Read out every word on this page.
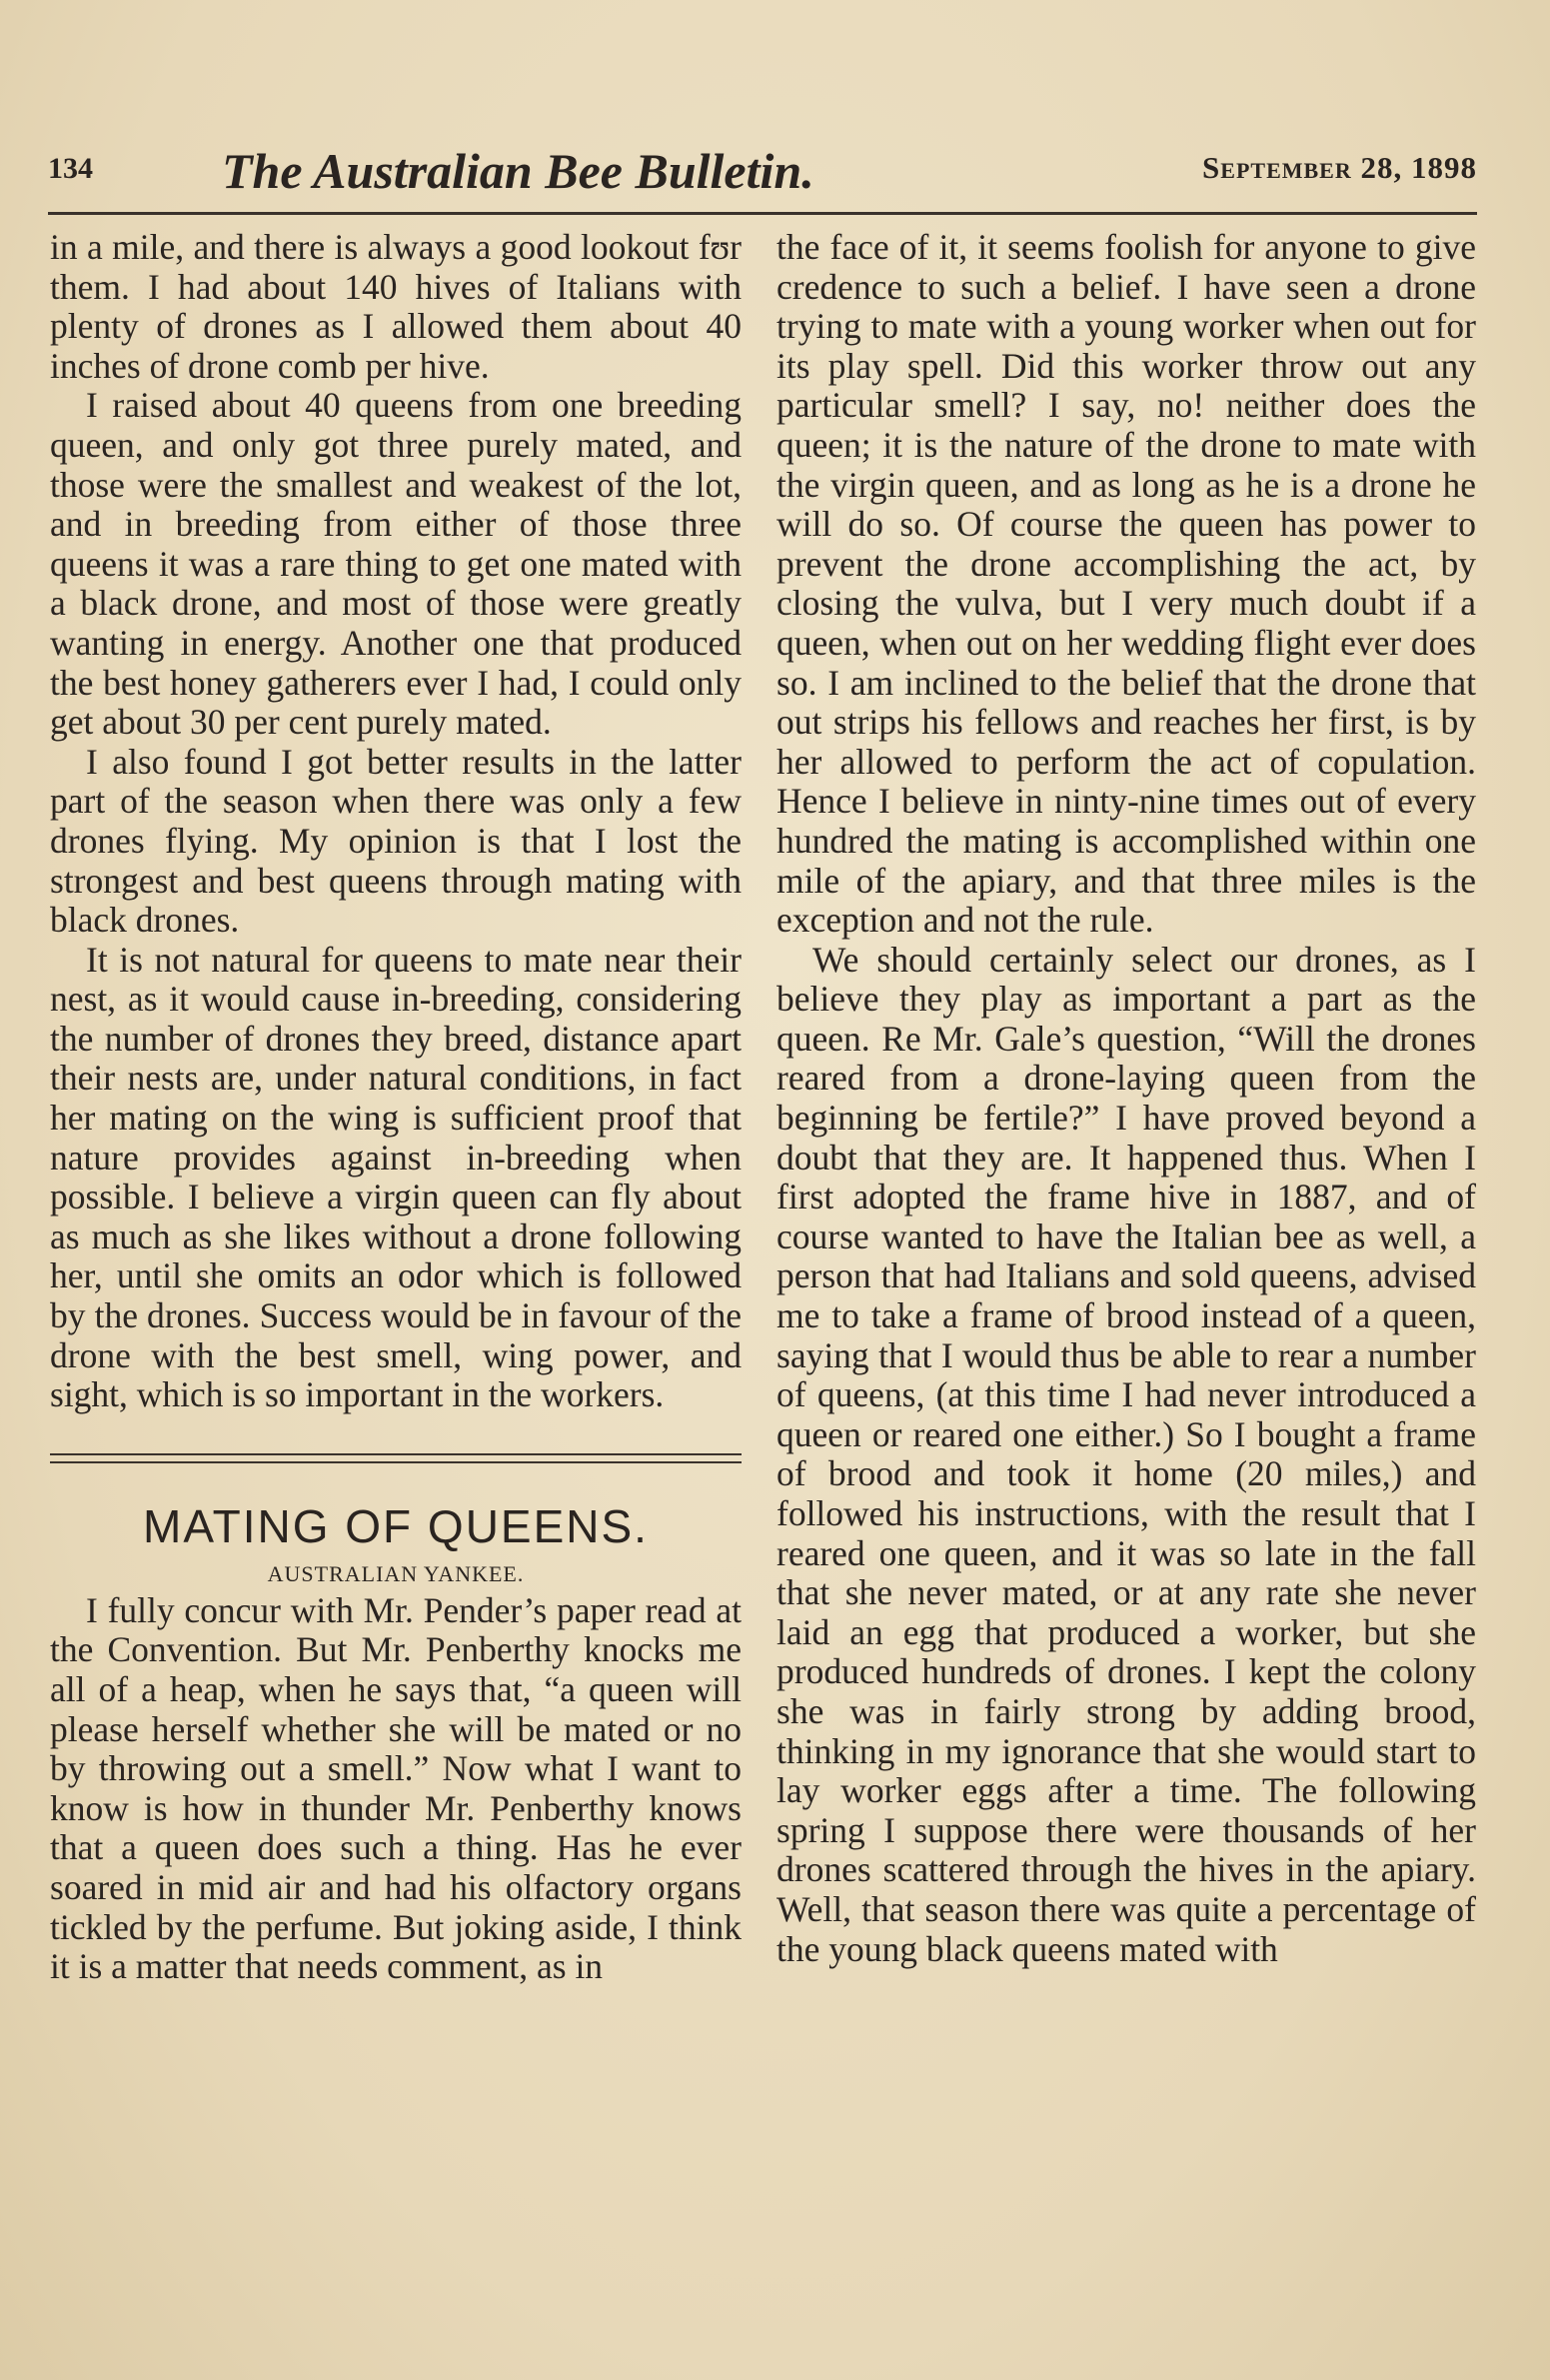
134	The Australian Bee Bulletin.	September 28, 1898

in a mile, and there is always a good lookout fʊr them. I had about 140 hives of Italians with plenty of drones as I allowed them about 40 inches of drone comb per hive.

I raised about 40 queens from one breeding queen, and only got three purely mated, and those were the smallest and weakest of the lot, and in breeding from either of those three queens it was a rare thing to get one mated with a black drone, and most of those were greatly wanting in energy. Another one that produced the best honey gatherers ever I had, I could only get about 30 per cent purely mated.

I also found I got better results in the latter part of the season when there was only a few drones flying. My opinion is that I lost the strongest and best queens through mating with black drones.

It is not natural for queens to mate near their nest, as it would cause in-breeding, considering the number of drones they breed, distance apart their nests are, under natural conditions, in fact her mating on the wing is sufficient proof that nature provides against in-breeding when possible. I believe a virgin queen can fly about as much as she likes without a drone following her, until she omits an odor which is followed by the drones. Success would be in favour of the drone with the best smell, wing power, and sight, which is so important in the workers.

MATING OF QUEENS.
AUSTRALIAN YANKEE.

I fully concur with Mr. Pender’s paper read at the Convention. But Mr. Penberthy knocks me all of a heap, when he says that, “a queen will please herself whether she will be mated or no by throwing out a smell.” Now what I want to know is how in thunder Mr. Penberthy knows that a queen does such a thing. Has he ever soared in mid air and had his olfactory organs tickled by the perfume. But joking aside, I think it is a matter that needs comment, as in

the face of it, it seems foolish for anyone to give credence to such a belief. I have seen a drone trying to mate with a young worker when out for its play spell. Did this worker throw out any particular smell? I say, no! neither does the queen; it is the nature of the drone to mate with the virgin queen, and as long as he is a drone he will do so. Of course the queen has power to prevent the drone accomplishing the act, by closing the vulva, but I very much doubt if a queen, when out on her wedding flight ever does so. I am inclined to the belief that the drone that out strips his fellows and reaches her first, is by her allowed to perform the act of copulation. Hence I believe in ninty-nine times out of every hundred the mating is accomplished within one mile of the apiary, and that three miles is the exception and not the rule.

We should certainly select our drones, as I believe they play as important a part as the queen. Re Mr. Gale’s question, “Will the drones reared from a drone-laying queen from the beginning be fertile?” I have proved beyond a doubt that they are. It happened thus. When I first adopted the frame hive in 1887, and of course wanted to have the Italian bee as well, a person that had Italians and sold queens, advised me to take a frame of brood instead of a queen, saying that I would thus be able to rear a number of queens, (at this time I had never introduced a queen or reared one either.) So I bought a frame of brood and took it home (20 miles,) and followed his instructions, with the result that I reared one queen, and it was so late in the fall that she never mated, or at any rate she never laid an egg that produced a worker, but she produced hundreds of drones. I kept the colony she was in fairly strong by adding brood, thinking in my ignorance that she would start to lay worker eggs after a time. The following spring I suppose there were thousands of her drones scattered through the hives in the apiary. Well, that season there was quite a percentage of the young black queens mated with
